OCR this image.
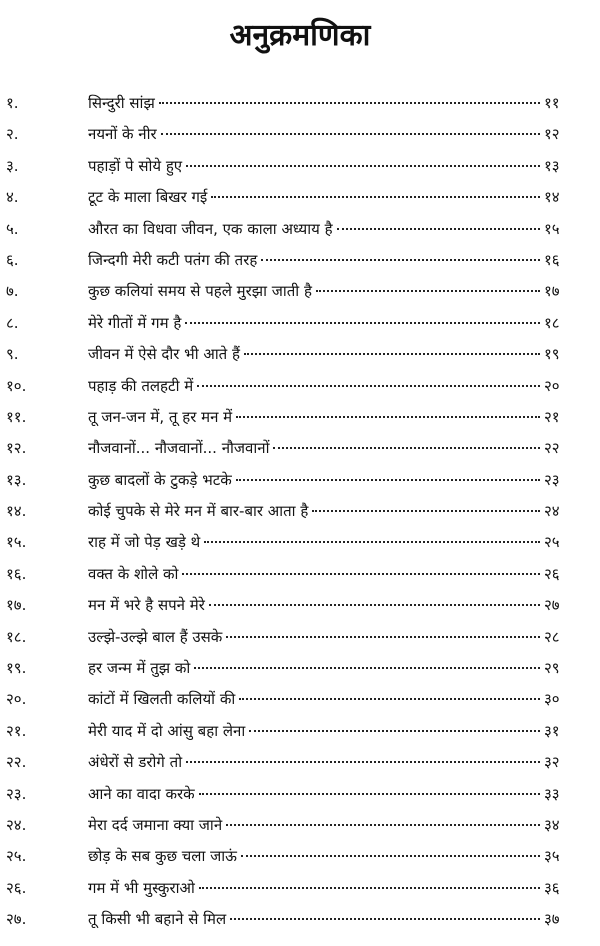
अनुक्रमणिका
१.	सिन्दुरी सांझ	११
२.	नयनों के नीर	१२
३.	पहाड़ों पे सोये हुए	१३
४.	टूट के माला बिखर गई	१४
५.	औरत का विधवा जीवन, एक काला अध्याय है	१५
६.	जिन्दगी मेरी कटी पतंग की तरह	१६
७.	कुछ कलियां समय से पहले मुरझा जाती है	१७
८.	मेरे गीतों में गम है	१८
९.	जीवन में ऐसे दौर भी आते हैं	१९
१०.	पहाड़ की तलहटी में	२०
११.	तू जन-जन में, तू हर मन में	२१
१२.	नौजवानों... नौजवानों... नौजवानों	२२
१३.	कुछ बादलों के टुकड़े भटके	२३
१४.	कोई चुपके से मेरे मन में बार-बार आता है	२४
१५.	राह में जो पेड़ खड़े थे	२५
१६.	वक्त के शोले को	२६
१७.	मन में भरे है सपने मेरे	२७
१८.	उल्झे-उल्झे बाल हैं उसके	२८
१९.	हर जन्म में तुझ को	२९
२०.	कांटों में खिलती कलियों की	३०
२१.	मेरी याद में दो आंसु बहा लेना	३१
२२.	अंधेरों से डरोगे तो	३२
२३.	आने का वादा करके	३३
२४.	मेरा दर्द जमाना क्या जाने	३४
२५.	छोड़ के सब कुछ चला जाऊं	३५
२६.	गम में भी मुस्कुराओ	३६
२७.	तू किसी भी बहाने से मिल	३७
